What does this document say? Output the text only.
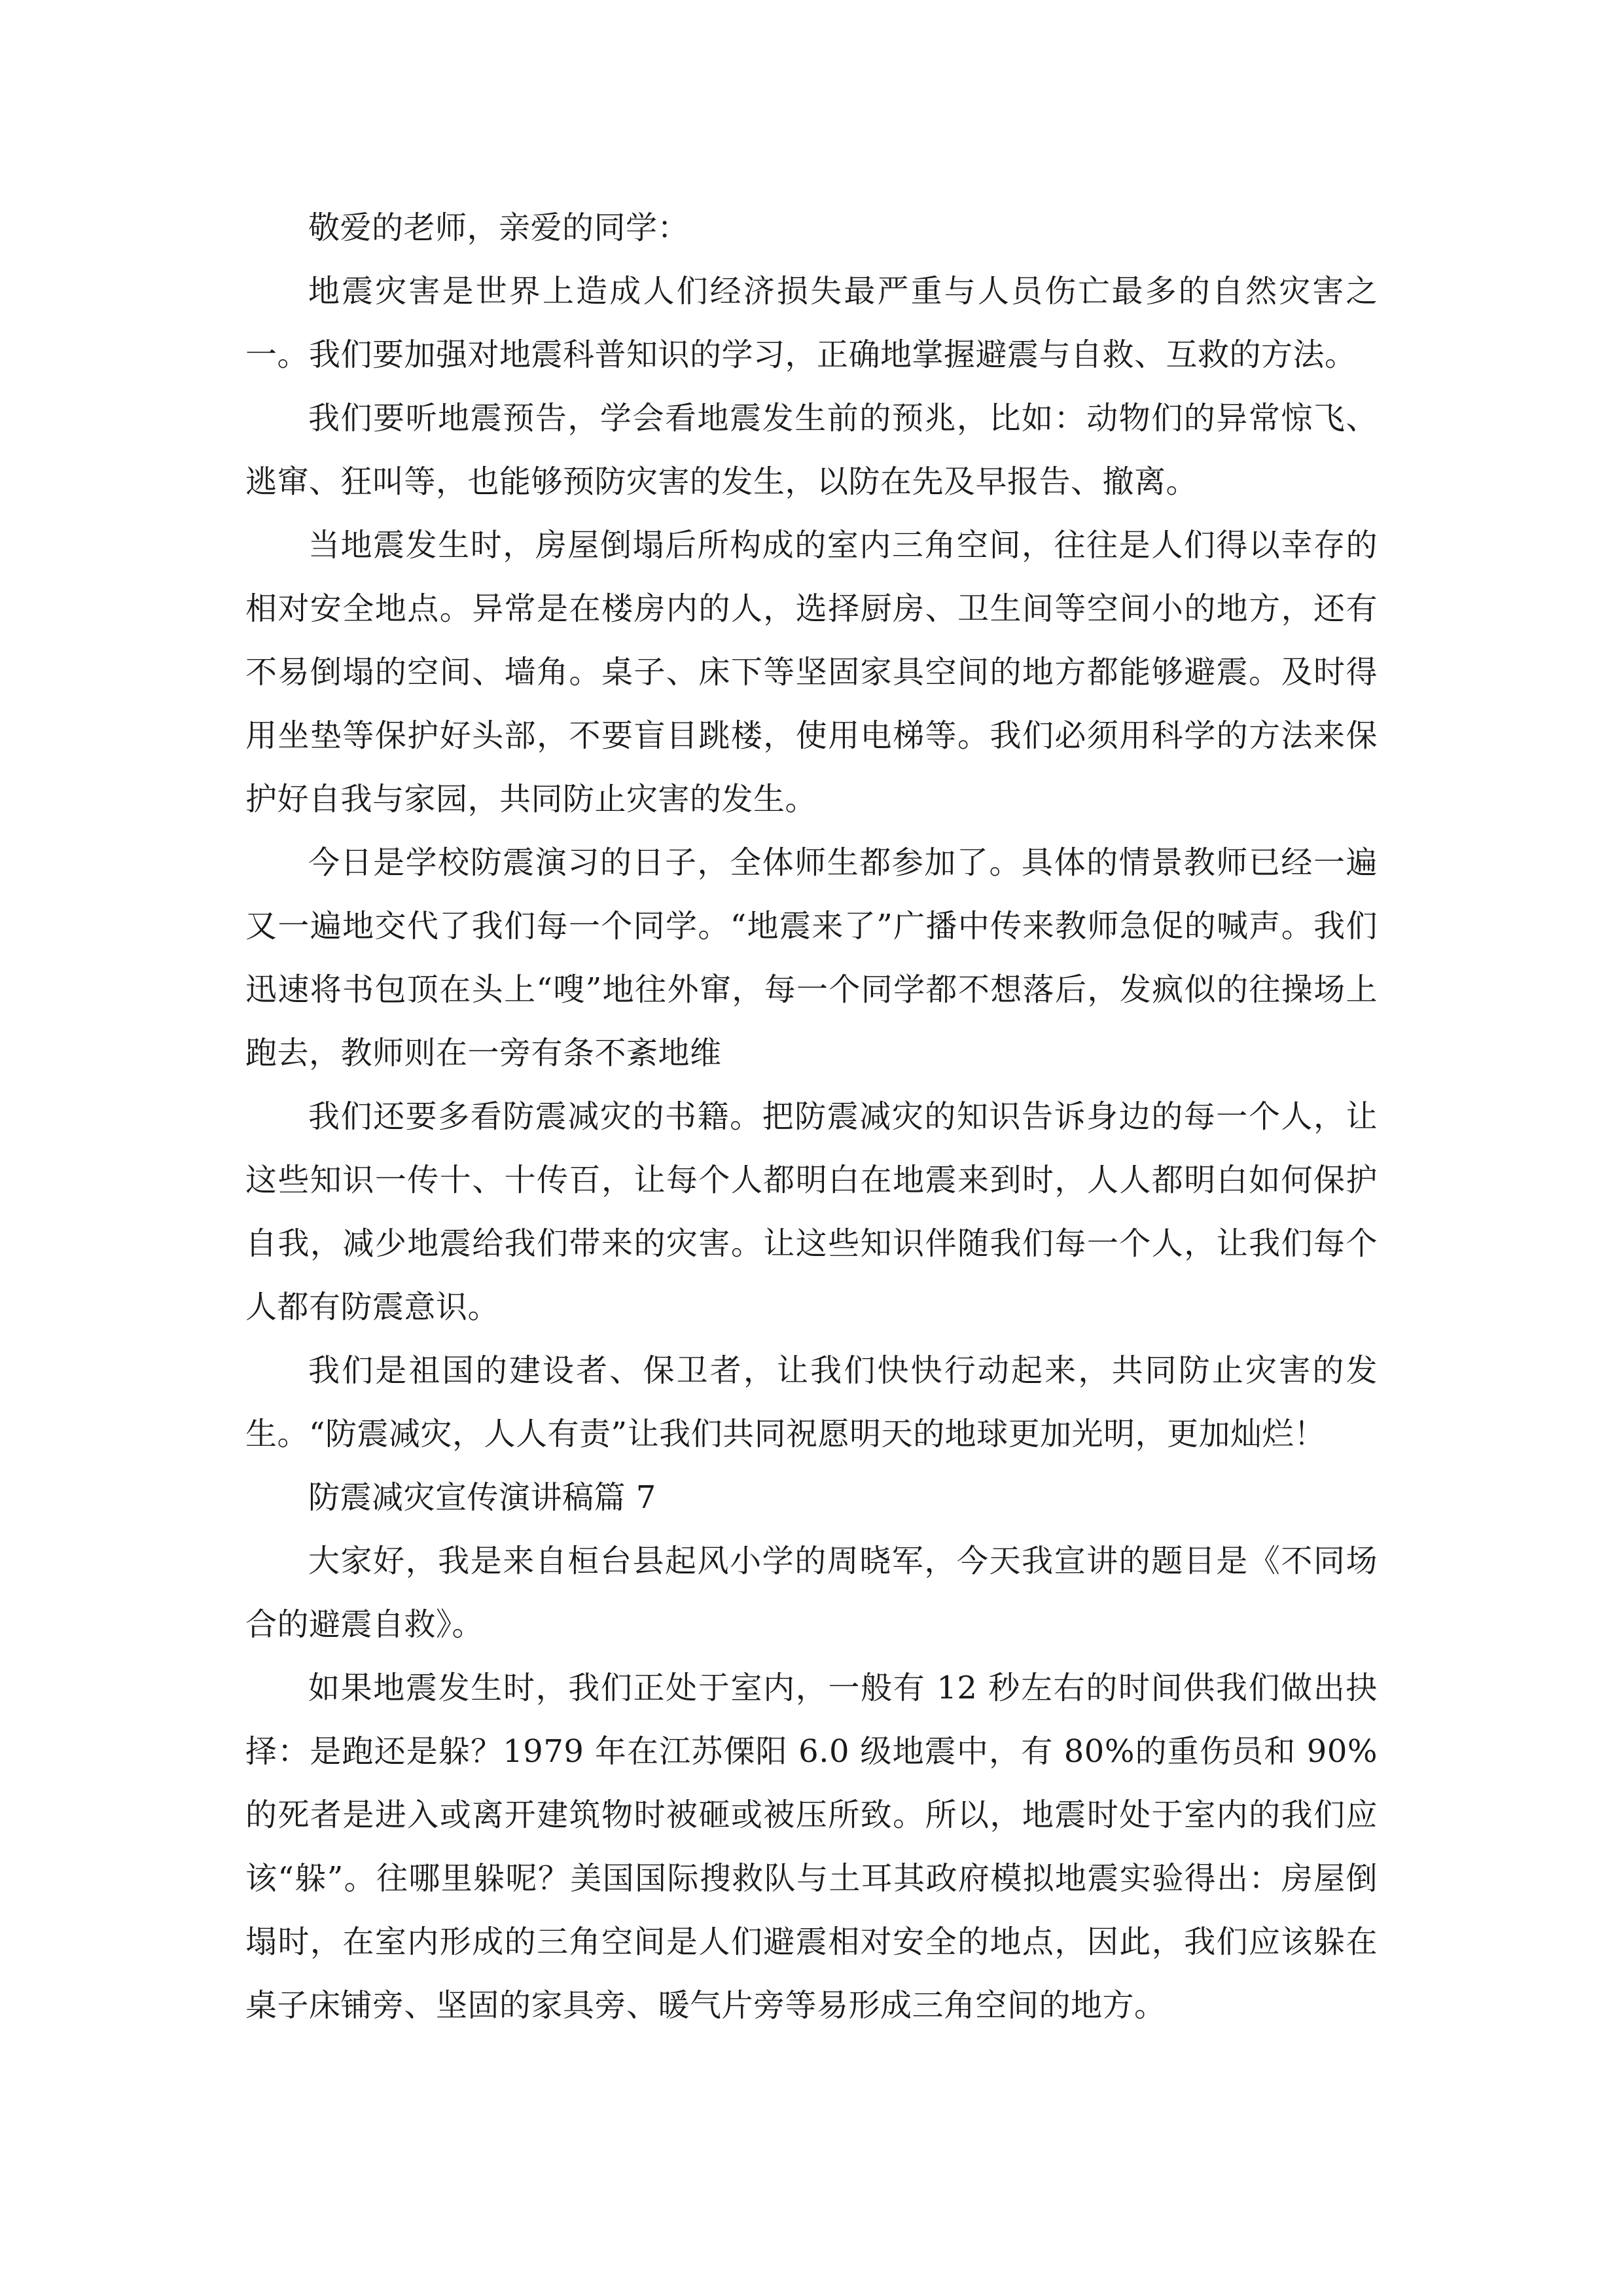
敬爱的老师，亲爱的同学：

地震灾害是世界上造成人们经济损失最严重与人员伤亡最多的自然灾害之一。我们要加强对地震科普知识的学习，正确地掌握避震与自救、互救的方法。

我们要听地震预告，学会看地震发生前的预兆，比如：动物们的异常惊飞、逃窜、狂叫等，也能够预防灾害的发生，以防在先及早报告、撤离。

当地震发生时，房屋倒塌后所构成的室内三角空间，往往是人们得以幸存的相对安全地点。异常是在楼房内的人，选择厨房、卫生间等空间小的地方，还有不易倒塌的空间、墙角。桌子、床下等坚固家具空间的地方都能够避震。及时得用坐垫等保护好头部，不要盲目跳楼，使用电梯等。我们必须用科学的方法来保护好自我与家园，共同防止灾害的发生。

今日是学校防震演习的日子，全体师生都参加了。具体的情景教师已经一遍又一遍地交代了我们每一个同学。“地震来了”广播中传来教师急促的喊声。我们迅速将书包顶在头上“嗖”地往外窜，每一个同学都不想落后，发疯似的往操场上跑去，教师则在一旁有条不紊地维

我们还要多看防震减灾的书籍。把防震减灾的知识告诉身边的每一个人，让这些知识一传十、十传百，让每个人都明白在地震来到时，人人都明白如何保护自我，减少地震给我们带来的灾害。让这些知识伴随我们每一个人，让我们每个人都有防震意识。

我们是祖国的建设者、保卫者，让我们快快行动起来，共同防止灾害的发生。“防震减灾，人人有责”让我们共同祝愿明天的地球更加光明，更加灿烂！

防震减灾宣传演讲稿篇 7

大家好，我是来自桓台县起风小学的周晓军，今天我宣讲的题目是《不同场合的避震自救》。

如果地震发生时，我们正处于室内，一般有 12 秒左右的时间供我们做出抉择：是跑还是躲？1979 年在江苏傈阳 6.0 级地震中，有 80%的重伤员和 90%的死者是进入或离开建筑物时被砸或被压所致。所以，地震时处于室内的我们应该“躲”。往哪里躲呢？美国国际搜救队与土耳其政府模拟地震实验得出：房屋倒塌时，在室内形成的三角空间是人们避震相对安全的地点，因此，我们应该躲在桌子床铺旁、坚固的家具旁、暖气片旁等易形成三角空间的地方。
